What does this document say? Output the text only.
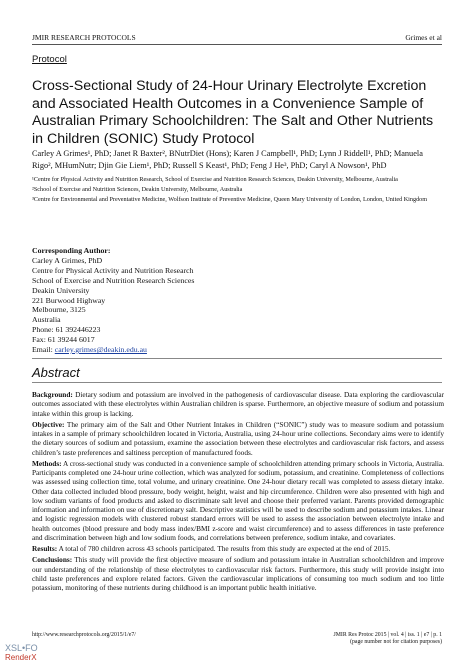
JMIR RESEARCH PROTOCOLS	Grimes et al
Protocol
Cross-Sectional Study of 24-Hour Urinary Electrolyte Excretion and Associated Health Outcomes in a Convenience Sample of Australian Primary Schoolchildren: The Salt and Other Nutrients in Children (SONIC) Study Protocol
Carley A Grimes¹, PhD; Janet R Baxter², BNutrDiet (Hons); Karen J Campbell¹, PhD; Lynn J Riddell¹, PhD; Manuela Rigo², MHumNutr; Djin Gie Liem¹, PhD; Russell S Keast¹, PhD; Feng J He³, PhD; Caryl A Nowson¹, PhD

¹Centre for Physical Activity and Nutrition Research, School of Exercise and Nutrition Research Sciences, Deakin University, Melbourne, Australia

²School of Exercise and Nutrition Sciences, Deakin University, Melbourne, Australia

³Centre for Environmental and Preventative Medicine, Wolfson Institute of Preventive Medicine, Queen Mary University of London, London, United Kingdom

Corresponding Author:
Carley A Grimes, PhD
Centre for Physical Activity and Nutrition Research
School of Exercise and Nutrition Research Sciences
Deakin University
221 Burwood Highway
Melbourne, 3125
Australia
Phone: 61 392446223
Fax: 61 39244 6017
Email: carley.grimes@deakin.edu.au
Abstract

Background: Dietary sodium and potassium are involved in the pathogenesis of cardiovascular disease. Data exploring the cardiovascular outcomes associated with these electrolytes within Australian children is sparse. Furthermore, an objective measure of sodium and potassium intake within this group is lacking.

Objective: The primary aim of the Salt and Other Nutrient Intakes in Children (“SONIC”) study was to measure sodium and potassium intakes in a sample of primary schoolchildren located in Victoria, Australia, using 24-hour urine collections. Secondary aims were to identify the dietary sources of sodium and potassium, examine the association between these electrolytes and cardiovascular risk factors, and assess children’s taste preferences and saltiness perception of manufactured foods.

Methods: A cross-sectional study was conducted in a convenience sample of schoolchildren attending primary schools in Victoria, Australia. Participants completed one 24-hour urine collection, which was analyzed for sodium, potassium, and creatinine. Completeness of collections was assessed using collection time, total volume, and urinary creatinine. One 24-hour dietary recall was completed to assess dietary intake. Other data collected included blood pressure, body weight, height, waist and hip circumference. Children were also presented with high and low sodium variants of food products and asked to discriminate salt level and choose their preferred variant. Parents provided demographic information and information on use of discretionary salt. Descriptive statistics will be used to describe sodium and potassium intakes. Linear and logistic regression models with clustered robust standard errors will be used to assess the association between electrolyte intake and health outcomes (blood pressure and body mass index/BMI z-score and waist circumference) and to assess differences in taste preference and discrimination between high and low sodium foods, and correlations between preference, sodium intake, and covariates.

Results: A total of 780 children across 43 schools participated. The results from this study are expected at the end of 2015.

Conclusions: This study will provide the first objective measure of sodium and potassium intake in Australian schoolchildren and improve our understanding of the relationship of these electrolytes to cardiovascular risk factors. Furthermore, this study will provide insight into child taste preferences and explore related factors. Given the cardiovascular implications of consuming too much sodium and too little potassium, monitoring of these nutrients during childhood is an important public health initiative.

http://www.researchprotocols.org/2015/1/e7/	JMIR Res Protoc 2015 | vol. 4 | iss. 1 | e7 | p. 1
(page number not for citation purposes)
XSL•FO
RenderX
